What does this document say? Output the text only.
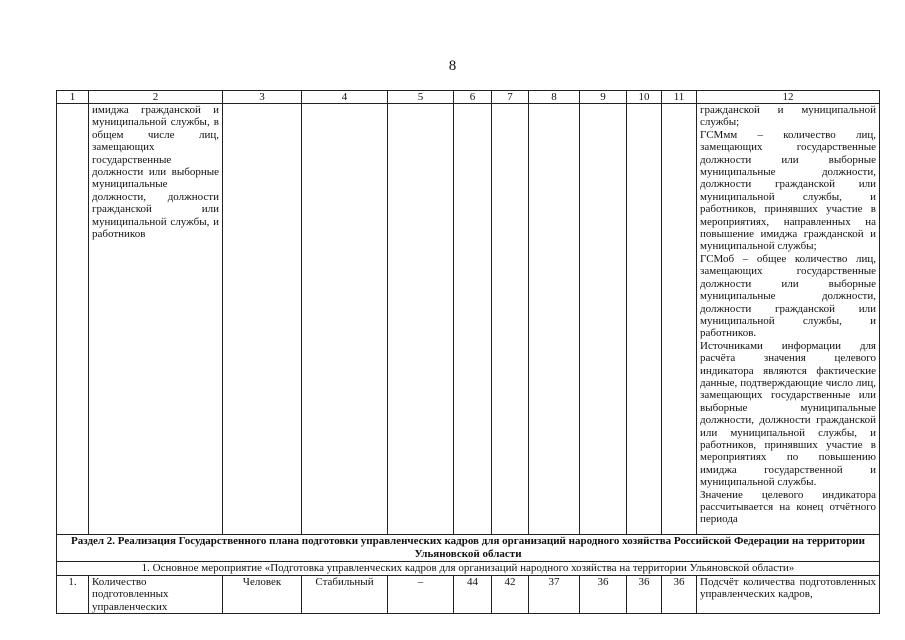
8
1	2	3	4	5	6	7	8	9	10	11	12
	имиджа гражданской и муниципальной службы, в общем числе лиц, замещающих государственные должности или выборные муниципальные должности, должности гражданской или муниципальной службы, и работников										гражданской и муниципальной службы;

ГСМмм – количество лиц, замещающих государственные должности или выборные муниципальные должности, должности гражданской или муниципальной службы, и работников, принявших участие в мероприятиях, направленных на повышение имиджа гражданской и муниципальной службы;

ГСМоб – общее количество лиц, замещающих государственные должности или выборные муниципальные должности, должности гражданской или муниципальной службы, и работников.

Источниками информации для расчёта значения целевого индикатора являются фактические данные, подтверждающие число лиц, замещающих государственные или выборные муниципальные должности, должности гражданской или муниципальной службы, и работников, принявших участие в мероприятиях по повышению имиджа государственной и муниципальной службы.

Значение целевого индикатора рассчитывается на конец отчётного периода

Раздел 2. Реализация Государственного плана подготовки управленческих кадров для организаций народного хозяйства Российской Федерации на территории Ульяновской области											
1. Основное мероприятие «Подготовка управленческих кадров для организаций народного хозяйства на территории Ульяновской области»											
1.	Количество подготовленных управленческих	Человек	Стабильный	–	44	42	37	36	36	36	Подсчёт количества подготовленных управленческих кадров,
